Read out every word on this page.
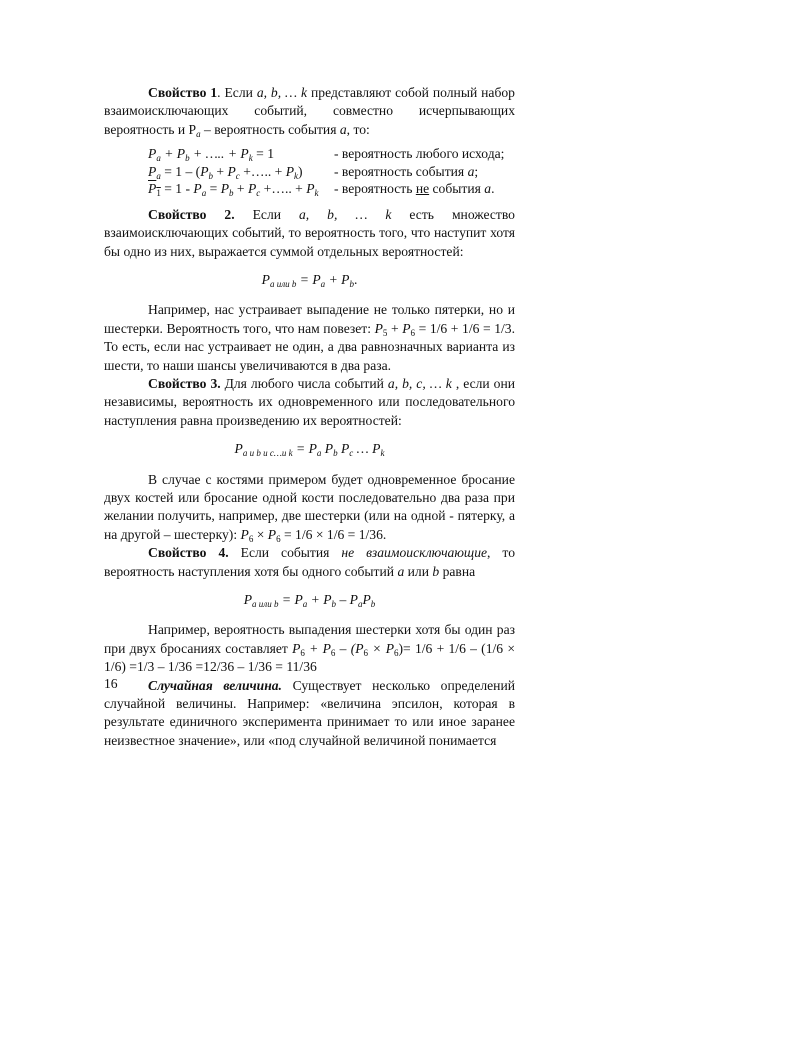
Свойство 1. Если a, b, … k представляют собой полный набор взаимоисключающих событий, совместно исчерпывающих вероятность и $P_a$ – вероятность события a, то:

$P_a + P_b$ + ….. + $P_k = 1$	- вероятность любого исхода;
$P_a = 1 - (P_b + P_c$ +….. + $P_k$)	- вероятность события a;
$P_1 = 1 - P_a = P_b + P_c$ +….. + $P_k$	- вероятность не события a.

Свойство 2. Если a, b, … k есть множество взаимоисключающих событий, то вероятность того, что наступит хотя бы одно из них, выражается суммой отдельных вероятностей:

$P_{a или b} = P_a + P_b$.

Например, нас устраивает выпадение не только пятерки, но и шестерки. Вероятность того, что нам повезет: $P_5 + P_6 = 1/6 + 1/6 = 1/3$. То есть, если нас устраивает не один, а два равнозначных варианта из шести, то наши шансы увеличиваются в два раза.

Свойство 3. Для любого числа событий a, b, c, … k , если они независимы, вероятность их одновременного или последовательного наступления равна произведению их вероятностей:

$P_{a и b и c\dots и k} = P_a$ $P_b$ $P_c$ … $P_k$

В случае с костями примером будет одновременное бросание двух костей или бросание одной кости последовательно два раза при желании получить, например, две шестерки (или на одной - пятерку, а на другой – шестерку): $P_6 \times P_6 = 1/6 \times 1/6 = 1/36$.

Свойство 4. Если события не взаимоисключающие, то вероятность наступления хотя бы одного событий a или b равна

$P_{a или b} = P_a + P_b - P_aP_b$

Например, вероятность выпадения шестерки хотя бы один раз при двух бросаниях составляет $P_6 + P_6 - (P_6 \times P_6)= 1/6 + 1/6 - (1/6 \times 1/6) =1/3 - 1/36 =12/36 - 1/36 = 11/36$

Случайная величина. Существует несколько определений случайной величины. Например: «величина эпсилон, которая в результате единичного эксперимента принимает то или иное заранее неизвестное значение», или «под случайной величиной понимается

16
